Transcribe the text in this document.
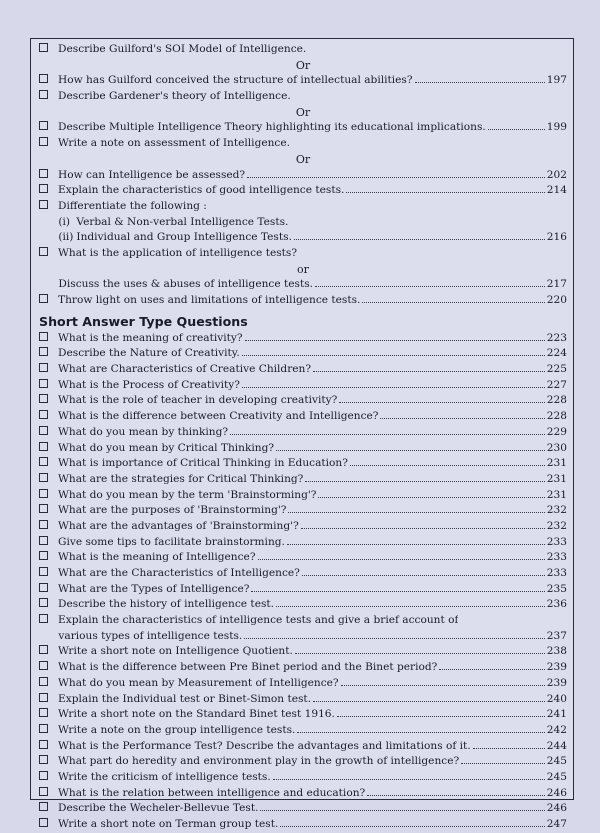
Describe Guilford's SOI Model of Intelligence.
Or
How has Guilford conceived the structure of intellectual abilities?	197
Describe Gardener's theory of Intelligence.
Or
Describe Multiple Intelligence Theory highlighting its educational implications.	199
Write a note on assessment of Intelligence.
Or
How can Intelligence be assessed?	202
Explain the characteristics of good intelligence tests.	214
Differentiate the following :
(i) Verbal & Non-verbal Intelligence Tests.
(ii) Individual and Group Intelligence Tests.	216
What is the application of intelligence tests?
or
Discuss the uses & abuses of intelligence tests.	217
Throw light on uses and limitations of intelligence tests.	220
Short Answer Type Questions
What is the meaning of creativity?	223
Describe the Nature of Creativity.	224
What are Characteristics of Creative Children?	225
What is the Process of Creativity?	227
What is the role of teacher in developing creativity?	228
What is the difference between Creativity and Intelligence?	228
What do you mean by thinking?	229
What do you mean by Critical Thinking?	230
What is importance of Critical Thinking in Education?	231
What are the strategies for Critical Thinking?	231
What do you mean by the term 'Brainstorming'?	231
What are the purposes of 'Brainstorming'?	232
What are the advantages of 'Brainstorming'?	232
Give some tips to facilitate brainstorming.	233
What is the meaning of Intelligence?	233
What are the Characteristics of Intelligence?	233
What are the Types of Intelligence?	235
Describe the history of intelligence test.	236
Explain the characteristics of intelligence tests and give a brief account of
various types of intelligence tests.	237
Write a short note on Intelligence Quotient.	238
What is the difference between Pre Binet period and the Binet period?	239
What do you mean by Measurement of Intelligence?	239
Explain the Individual test or Binet-Simon test.	240
Write a short note on the Standard Binet test 1916.	241
Write a note on the group intelligence tests.	242
What is the Performance Test? Describe the advantages and limitations of it.	244
What part do heredity and environment play in the growth of intelligence?	245
Write the criticism of intelligence tests.	245
What is the relation between intelligence and education?	246
Describe the Wecheler-Bellevue Test.	246
Write a short note on Terman group test.	247
